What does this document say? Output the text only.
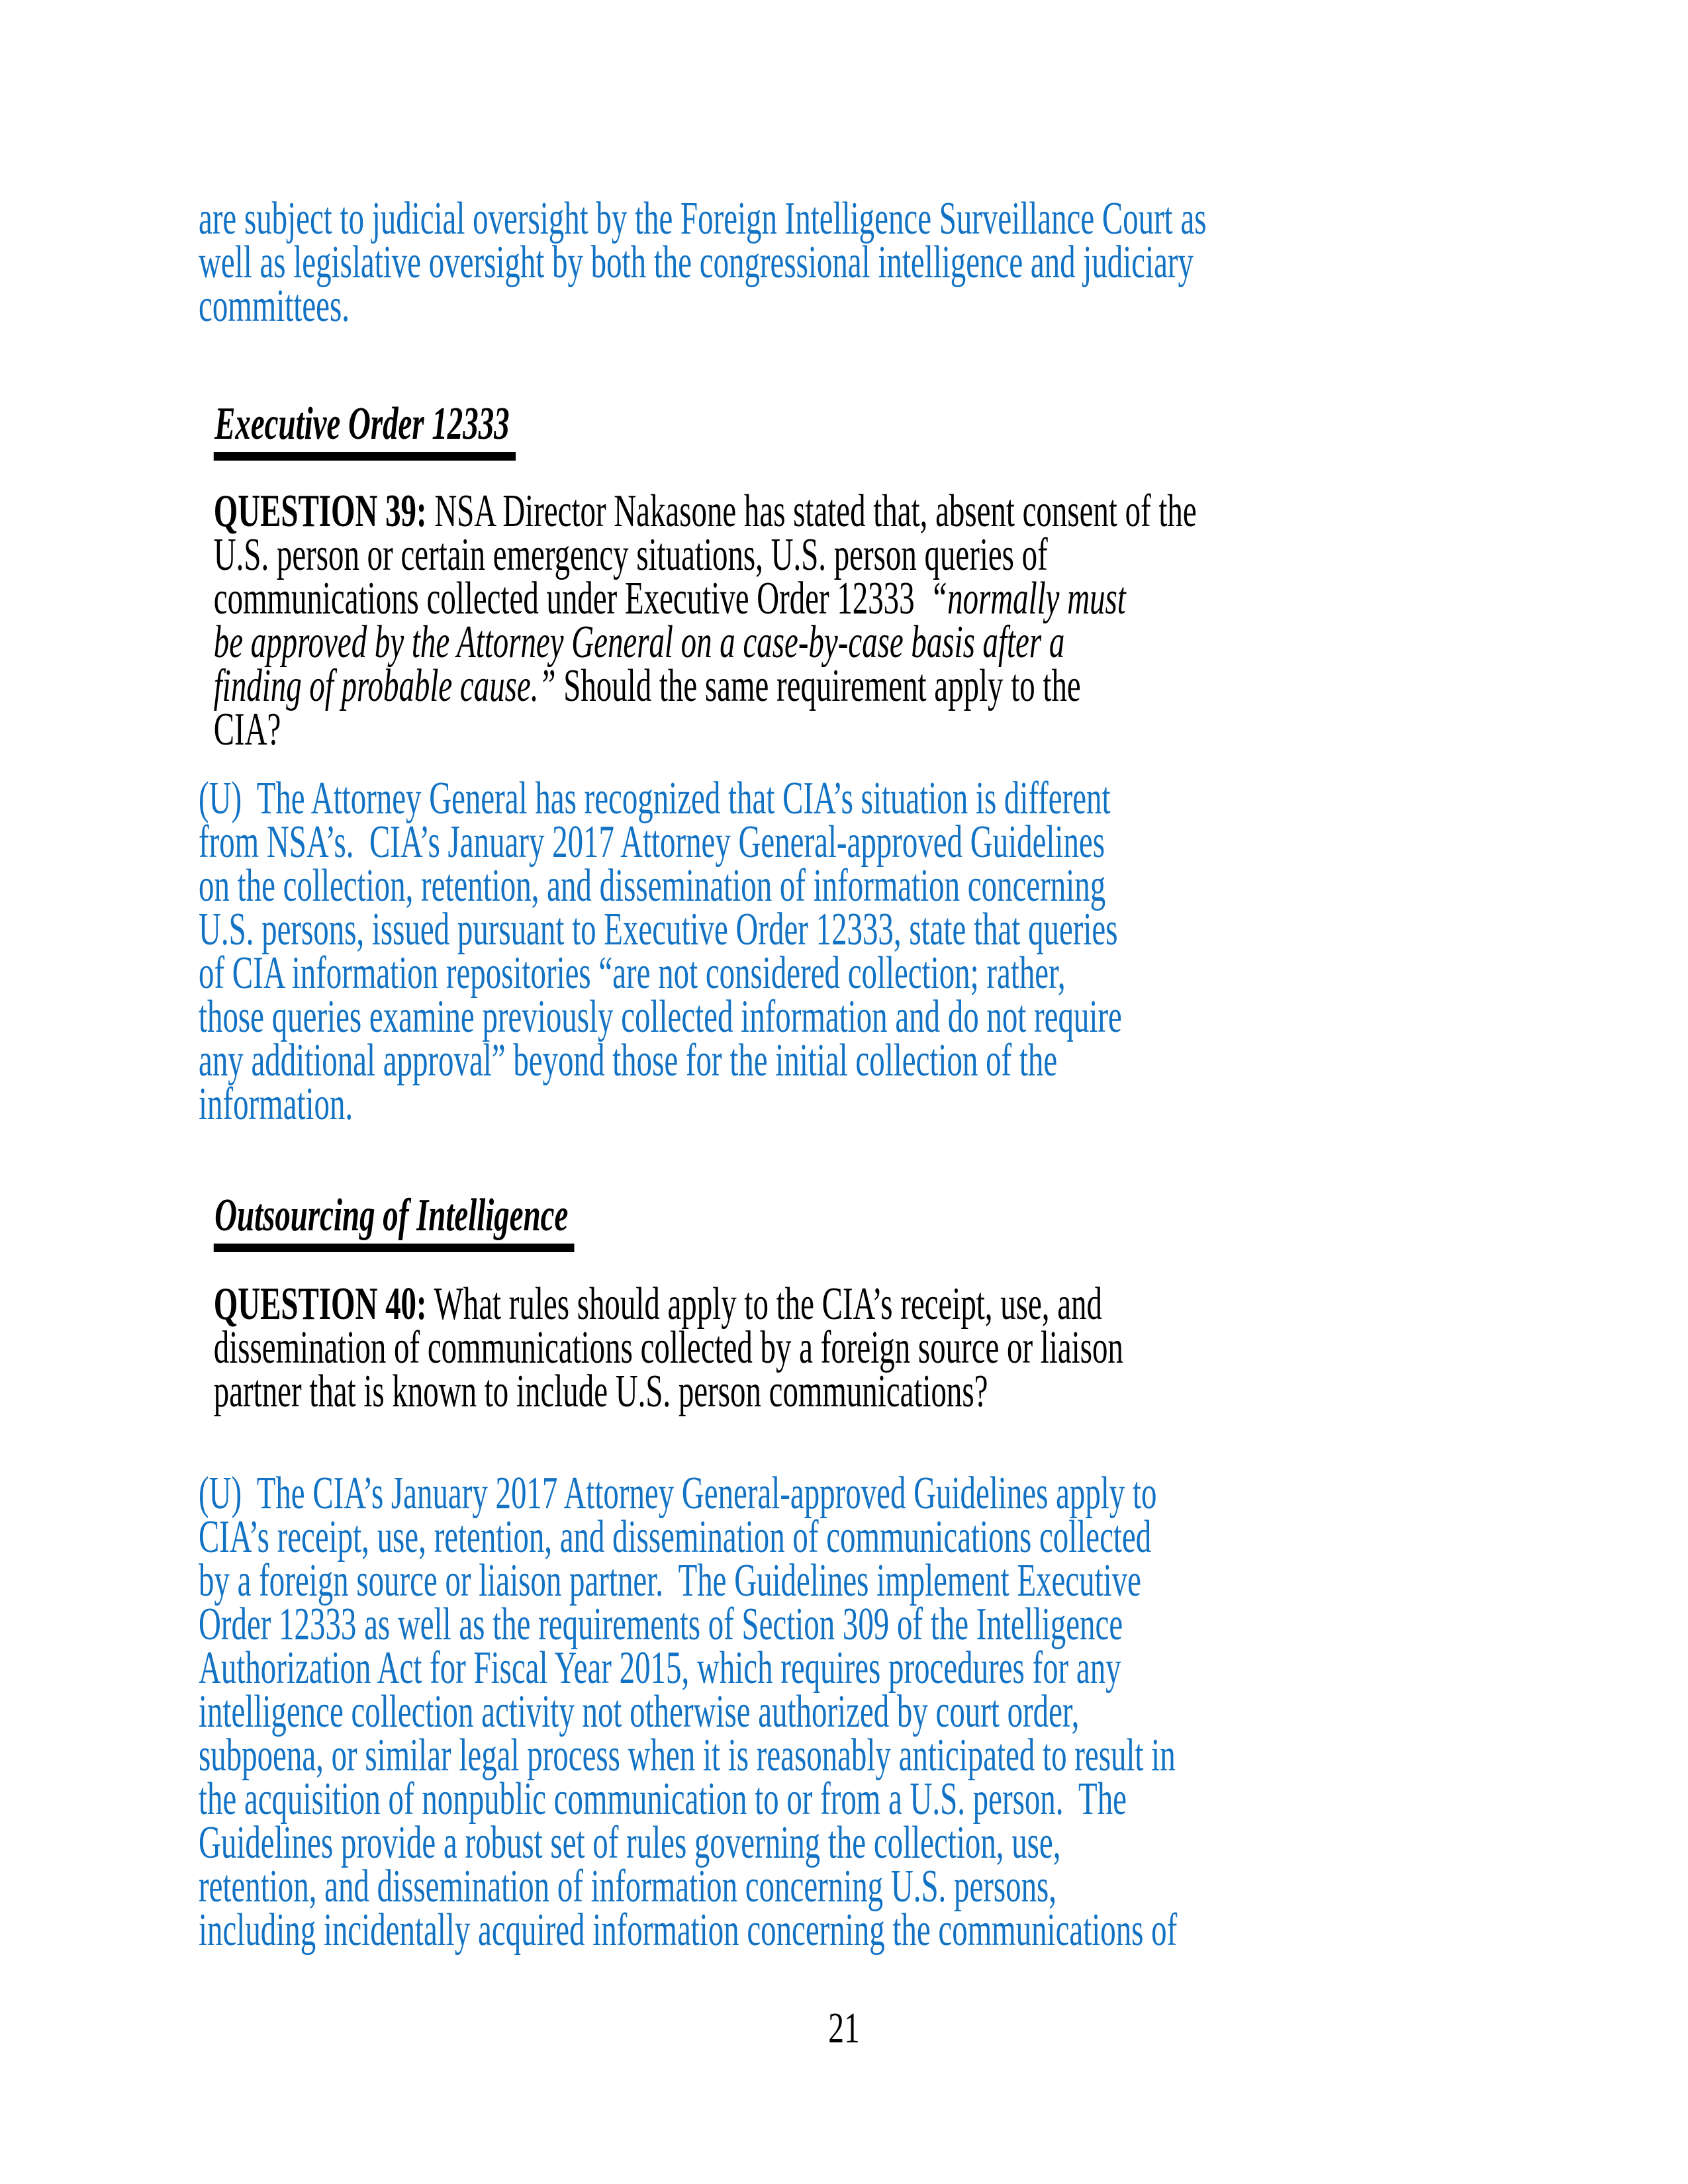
are subject to judicial oversight by the Foreign Intelligence Surveillance Court as
well as legislative oversight by both the congressional intelligence and judiciary
committees.
Executive Order 12333
QUESTION 39: NSA Director Nakasone has stated that, absent consent of the
U.S. person or certain emergency situations, U.S. person queries of
communications collected under Executive Order 12333  “normally must
be approved by the Attorney General on a case-by-case basis after a
finding of probable cause.” Should the same requirement apply to the
CIA?
(U)  The Attorney General has recognized that CIA’s situation is different
from NSA’s.  CIA’s January 2017 Attorney General-approved Guidelines
on the collection, retention, and dissemination of information concerning
U.S. persons, issued pursuant to Executive Order 12333, state that queries
of CIA information repositories “are not considered collection; rather,
those queries examine previously collected information and do not require
any additional approval” beyond those for the initial collection of the
information.
Outsourcing of Intelligence
QUESTION 40: What rules should apply to the CIA’s receipt, use, and
dissemination of communications collected by a foreign source or liaison
partner that is known to include U.S. person communications?
(U)  The CIA’s January 2017 Attorney General-approved Guidelines apply to
CIA’s receipt, use, retention, and dissemination of communications collected
by a foreign source or liaison partner.  The Guidelines implement Executive
Order 12333 as well as the requirements of Section 309 of the Intelligence
Authorization Act for Fiscal Year 2015, which requires procedures for any
intelligence collection activity not otherwise authorized by court order,
subpoena, or similar legal process when it is reasonably anticipated to result in
the acquisition of nonpublic communication to or from a U.S. person.  The
Guidelines provide a robust set of rules governing the collection, use,
retention, and dissemination of information concerning U.S. persons,
including incidentally acquired information concerning the communications of
21
